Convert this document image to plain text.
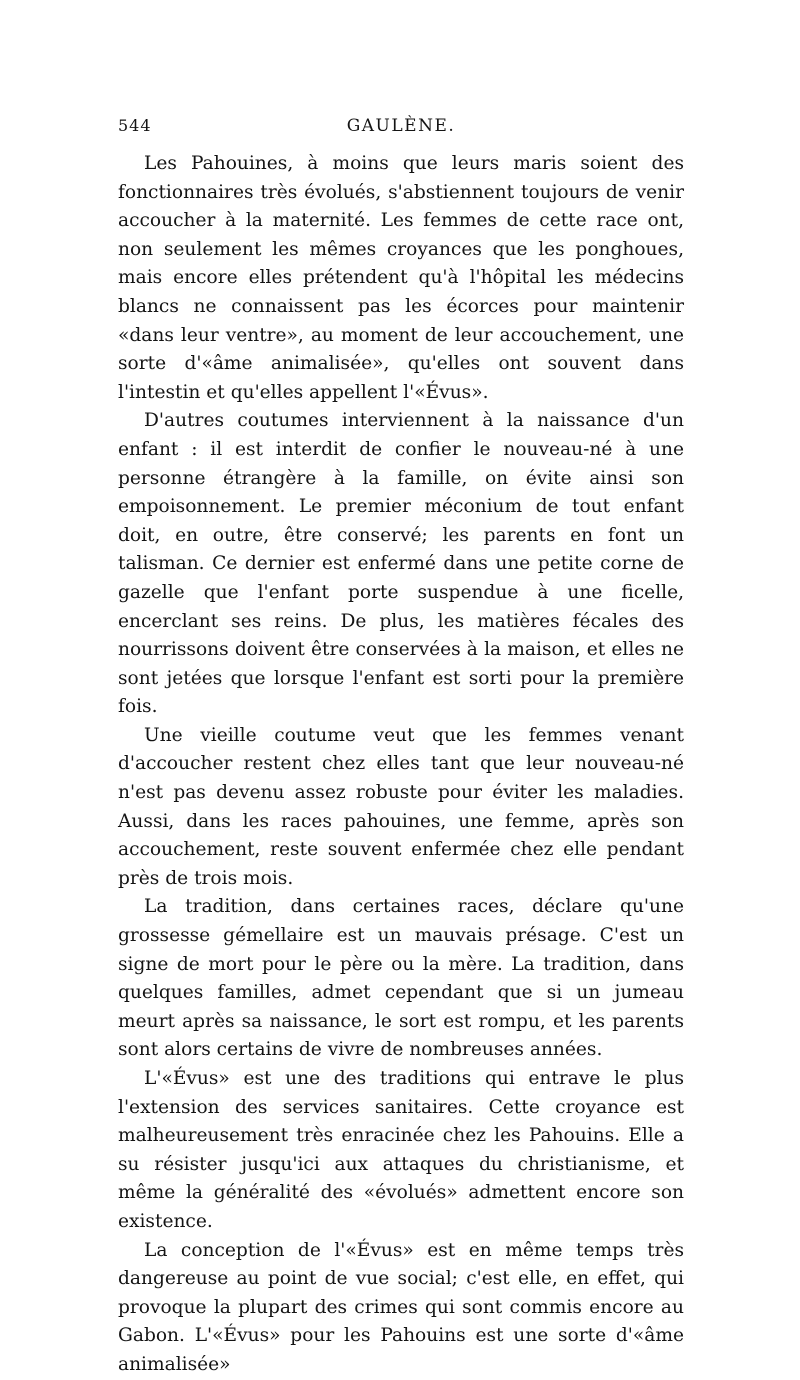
544	GAULÈNE.

Les Pahouines, à moins que leurs maris soient des fonctionnaires très évolués, s'abstiennent toujours de venir accoucher à la maternité. Les femmes de cette race ont, non seulement les mêmes croyances que les ponghoues, mais encore elles prétendent qu'à l'hôpital les médecins blancs ne connaissent pas les écorces pour maintenir «dans leur ventre», au moment de leur accouchement, une sorte d'«âme animalisée», qu'elles ont souvent dans l'intestin et qu'elles appellent l'«Évus».

D'autres coutumes interviennent à la naissance d'un enfant : il est interdit de confier le nouveau-né à une personne étrangère à la famille, on évite ainsi son empoisonnement. Le premier méconium de tout enfant doit, en outre, être conservé; les parents en font un talisman. Ce dernier est enfermé dans une petite corne de gazelle que l'enfant porte suspendue à une ficelle, encerclant ses reins. De plus, les matières fécales des nourrissons doivent être conservées à la maison, et elles ne sont jetées que lorsque l'enfant est sorti pour la première fois.

Une vieille coutume veut que les femmes venant d'accoucher restent chez elles tant que leur nouveau-né n'est pas devenu assez robuste pour éviter les maladies. Aussi, dans les races pahouines, une femme, après son accouchement, reste souvent enfermée chez elle pendant près de trois mois.

La tradition, dans certaines races, déclare qu'une grossesse gémellaire est un mauvais présage. C'est un signe de mort pour le père ou la mère. La tradition, dans quelques familles, admet cependant que si un jumeau meurt après sa naissance, le sort est rompu, et les parents sont alors certains de vivre de nombreuses années.

L'«Évus» est une des traditions qui entrave le plus l'extension des services sanitaires. Cette croyance est malheureusement très enracinée chez les Pahouins. Elle a su résister jusqu'ici aux attaques du christianisme, et même la généralité des «évolués» admettent encore son existence.

La conception de l'«Évus» est en même temps très dangereuse au point de vue social; c'est elle, en effet, qui provoque la plupart des crimes qui sont commis encore au Gabon. L'«Évus» pour les Pahouins est une sorte d'«âme animalisée»
